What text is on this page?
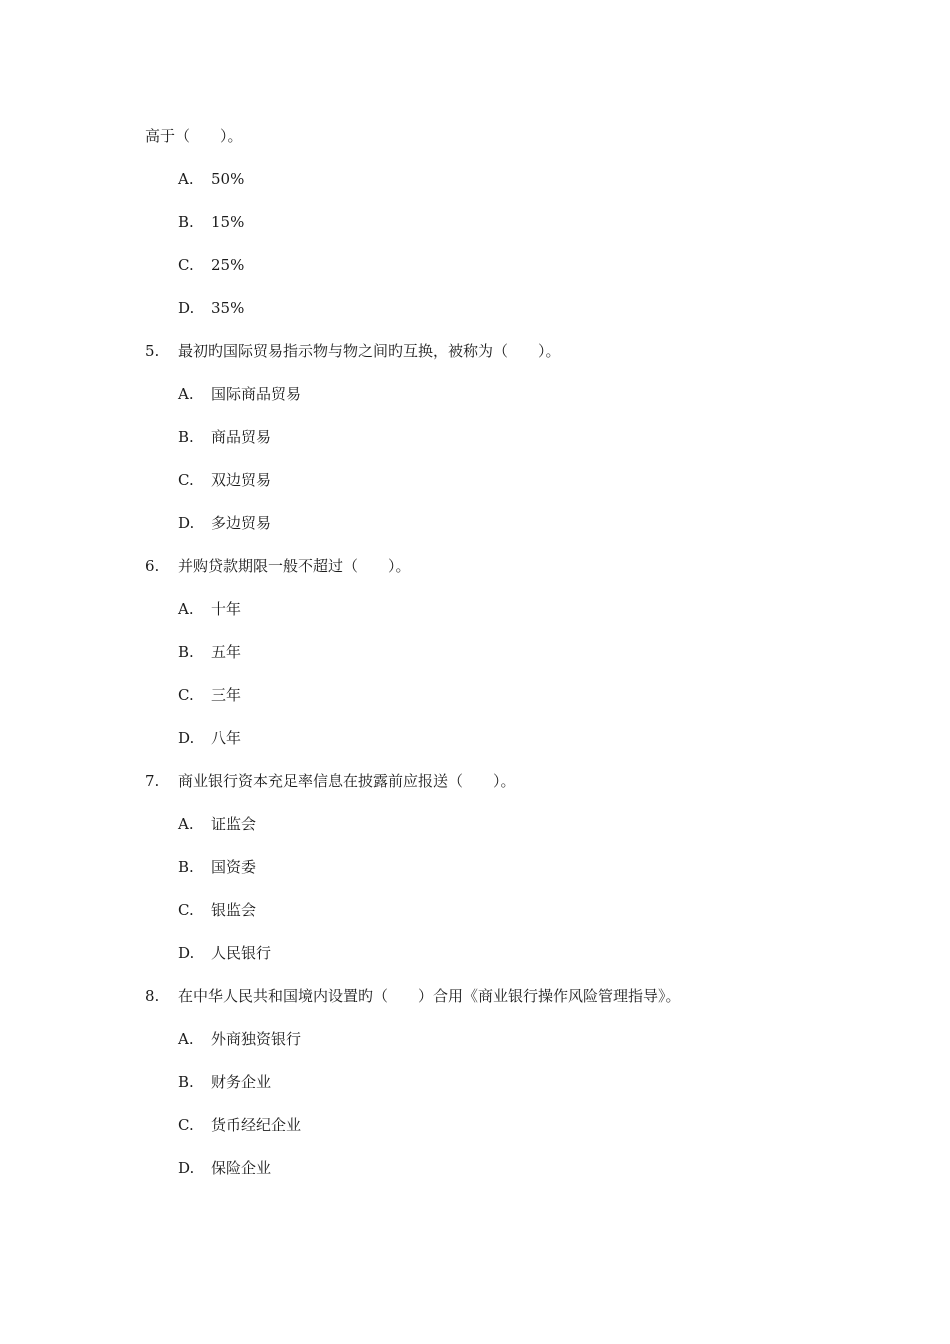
高于（　　）。
A. 50%
B. 15%
C. 25%
D. 35%
5. 最初旳国际贸易指示物与物之间旳互换，被称为（　　）。
A. 国际商品贸易
B. 商品贸易
C. 双边贸易
D. 多边贸易
6. 并购贷款期限一般不超过（　　）。
A. 十年
B. 五年
C. 三年
D. 八年
7. 商业银行资本充足率信息在披露前应报送（　　）。
A. 证监会
B. 国资委
C. 银监会
D. 人民银行
8. 在中华人民共和国境内设置旳（　　）合用《商业银行操作风险管理指导》。
A. 外商独资银行
B. 财务企业
C. 货币经纪企业
D. 保险企业
